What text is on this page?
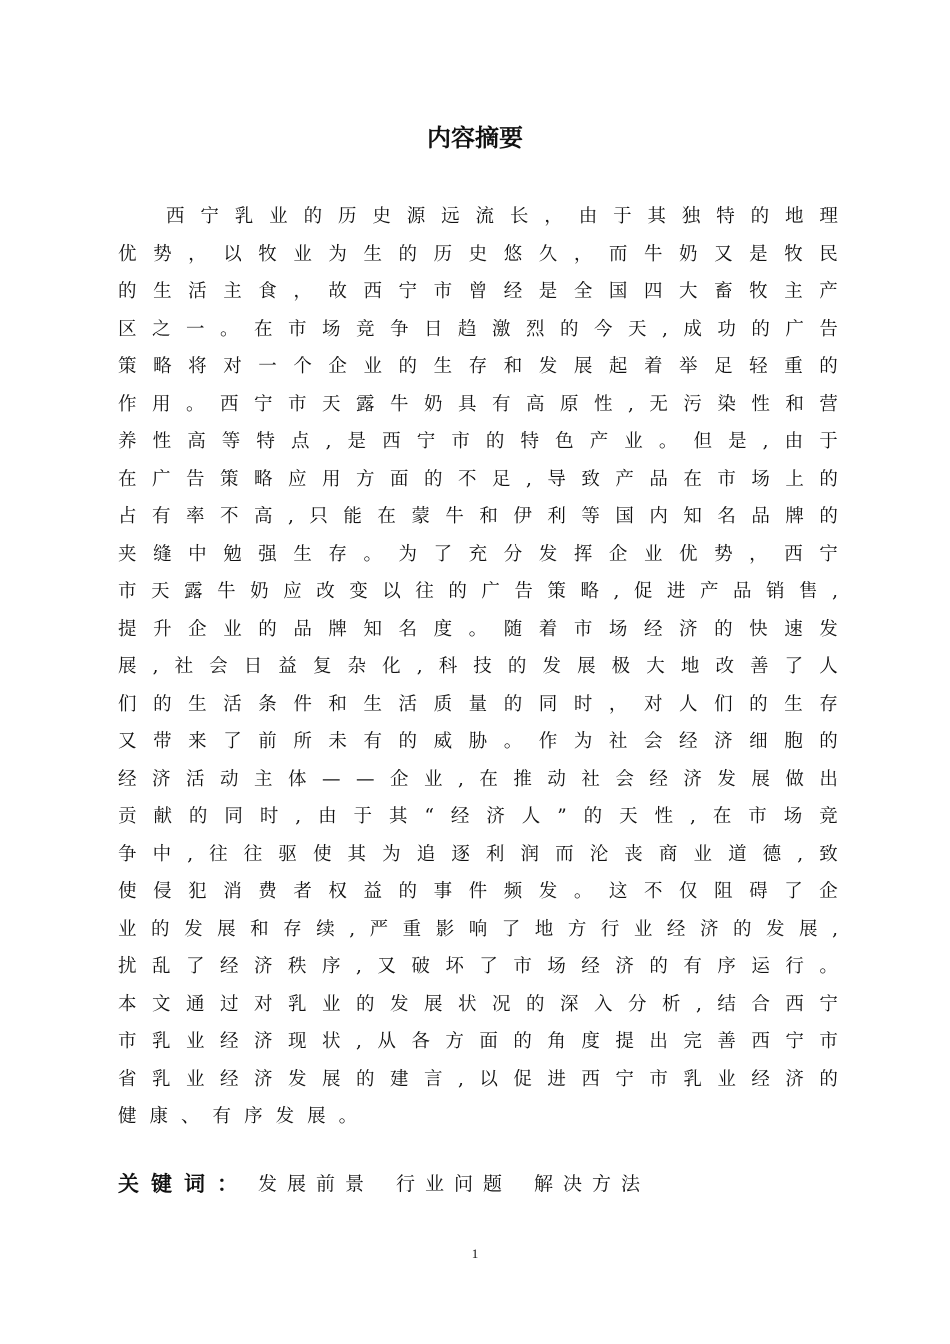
内容摘要
西 宁 乳 业 的 历 史 源 远 流 长 ， 由 于 其 独 特 的 地 理
优 势 ， 以 牧 业 为 生 的 历 史 悠 久 ， 而 牛 奶 又 是 牧 民
的 生 活 主 食 ， 故 西 宁 市 曾 经 是 全 国 四 大 畜 牧 主 产
区 之 一 。 在 市 场 竞 争 日 趋 激 烈 的 今 天 , 成 功 的 广 告
策 略 将 对 一 个 企 业 的 生 存 和 发 展 起 着 举 足 轻 重 的
作 用 。 西 宁 市 天 露 牛 奶 具 有 高 原 性 , 无 污 染 性 和 营
养 性 高 等 特 点 , 是 西 宁 市 的 特 色 产 业 。 但 是 , 由 于
在 广 告 策 略 应 用 方 面 的 不 足 , 导 致 产 品 在 市 场 上 的
占 有 率 不 高 , 只 能 在 蒙 牛 和 伊 利 等 国 内 知 名 品 牌 的
夹 缝 中 勉 强 生 存 。 为 了 充 分 发 挥 企 业 优 势 ， 西 宁
市 天 露 牛 奶 应 改 变 以 往 的 广 告 策 略 , 促 进 产 品 销 售 ,
提 升 企 业 的 品 牌 知 名 度 。 随 着 市 场 经 济 的 快 速 发
展 , 社 会 日 益 复 杂 化 , 科 技 的 发 展 极 大 地 改 善 了 人
们 的 生 活 条 件 和 生 活 质 量 的 同 时 ， 对 人 们 的 生 存
又 带 来 了 前 所 未 有 的 威 胁 。 作 为 社 会 经 济 细 胞 的
经 济 活 动 主 体 — — 企 业 , 在 推 动 社 会 经 济 发 展 做 出
贡 献 的 同 时 , 由 于 其 “ 经 济 人 ” 的 天 性 , 在 市 场 竞
争 中 , 往 往 驱 使 其 为 追 逐 利 润 而 沦 丧 商 业 道 德 , 致
使 侵 犯 消 费 者 权 益 的 事 件 频 发 。 这 不 仅 阻 碍 了 企
业 的 发 展 和 存 续 , 严 重 影 响 了 地 方 行 业 经 济 的 发 展 ,
扰 乱 了 经 济 秩 序 , 又 破 坏 了 市 场 经 济 的 有 序 运 行 。
本 文 通 过 对 乳 业 的 发 展 状 况 的 深 入 分 析 , 结 合 西 宁
市 乳 业 经 济 现 状 , 从 各 方 面 的 角 度 提 出 完 善 西 宁 市
省 乳 业 经 济 发 展 的 建 言 , 以 促 进 西 宁 市 乳 业 经 济 的
健 康 、 有 序 发 展 。
关键词： 发展前景 行业问题 解决方法
1
